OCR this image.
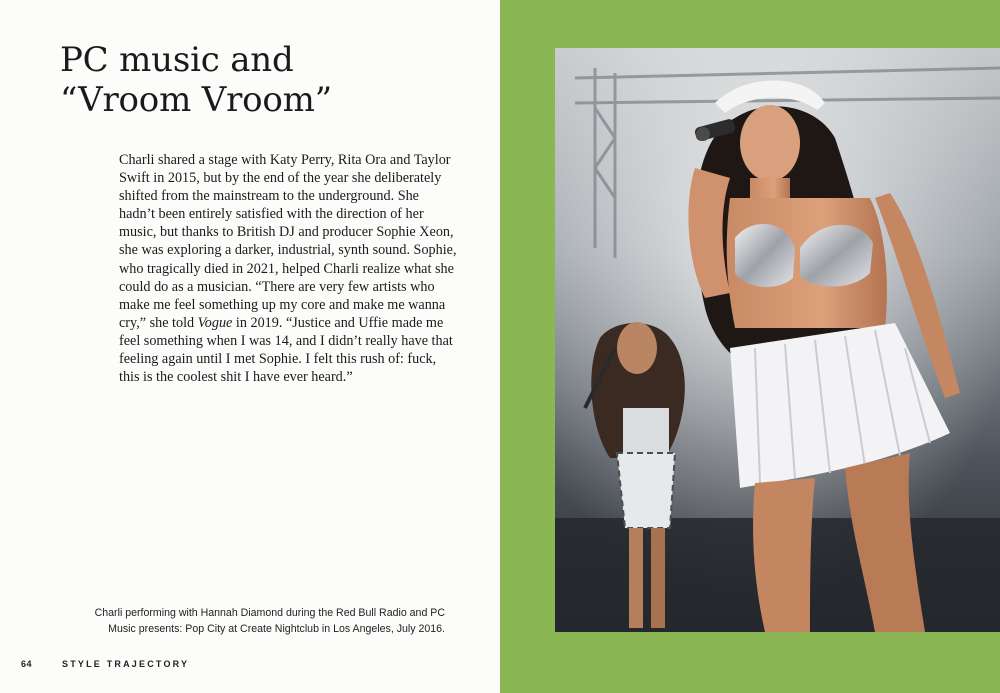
PC music and
“Vroom Vroom”
Charli shared a stage with Katy Perry, Rita Ora and Taylor
Swift in 2015, but by the end of the year she deliberately
shifted from the mainstream to the underground. She
hadn’t been entirely satisfied with the direction of her
music, but thanks to British DJ and producer Sophie Xeon,
she was exploring a darker, industrial, synth sound. Sophie,
who tragically died in 2021, helped Charli realize what she
could do as a musician. “There are very few artists who
make me feel something up my core and make me wanna
cry,” she told Vogue in 2019. “Justice and Uffie made me
feel something when I was 14, and I didn’t really have that
feeling again until I met Sophie. I felt this rush of: fuck,
this is the coolest shit I have ever heard.”
Charli performing with Hannah Diamond during the Red Bull Radio and PC
Music presents: Pop City at Create Nightclub in Los Angeles, July 2016.
64	STYLE TRAJECTORY
